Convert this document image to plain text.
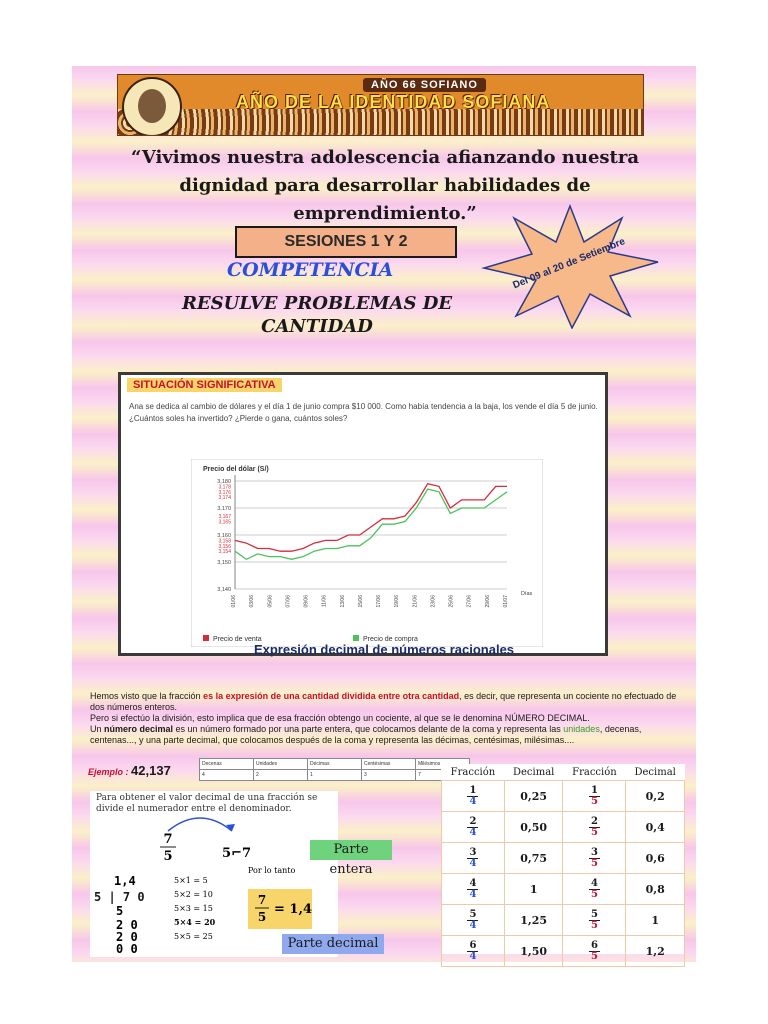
AÑO 66 SOFIANO
AÑO DE LA IDENTIDAD SOFIANA
“Vivimos nuestra adolescencia afianzando nuestra dignidad para desarrollar habilidades de emprendimiento.”
SESIONES 1 Y 2
COMPETENCIA
RESULVE PROBLEMAS DE CANTIDAD
Del 09 al 20 de Setiembre
SITUACIÓN SIGNIFICATIVA
Ana se dedica al cambio de dólares y el día 1 de junio compra $10 000. Como había tendencia a la baja, los vende el día 5 de junio.
¿Cuántos soles ha invertido? ¿Pierde o gana, cuántos soles?
Precio del dólar (S/)
3,140
3,150
3,160
3,170
3,180
3,178
3,176
3,174
3,167
3,165
3,158
3,156
3,154
01/06 03/06 05/06 07/06 09/06 11/06 13/06 15/06 17/06 19/06 21/06 23/06 25/06 27/06 29/06 01/07
Días
Precio de venta	Precio de compra
Expresión decimal de números racionales
Hemos visto que la fracción es la expresión de una cantidad dividida entre otra cantidad, es decir, que representa un cociente no efectuado de dos números enteros.
Pero si efectúo la división, esto implica que de esa fracción obtengo un cociente, al que se le denomina NÚMERO DECIMAL.
Un número decimal es un número formado por una parte entera, que colocamos delante de la coma y representa las unidades, decenas, centenas..., y una parte decimal, que colocamos después de la coma y representa las décimas, centésimas, milésimas....
Ejemplo : 42,137	Decenas	Unidades	Décimas	Centésimas	Milésimos
4	2	1	3	7
Para obtener el valor decimal de una fracción se divide el numerador entre el denominador.
7
5	5⌐7
1,4
5 | 7 0
5
2 0
2 0
0 0
5×1 = 5
5×2 = 10
5×3 = 15
5×4 = 20
5×5 = 25
Por lo tanto
7
5 = 1,4
Parte entera
Parte decimal
Fracción	Decimal	Fracción	Decimal

$\frac{1}{4}$	0,25	$\frac{1}{5}$	0,2

$\frac{2}{4}$	0,50	$\frac{2}{5}$	0,4

$\frac{3}{4}$	0,75	$\frac{3}{5}$	0,6

$\frac{4}{4}$	1	$\frac{4}{5}$	0,8

$\frac{5}{4}$	1,25	$\frac{5}{5}$	1

$\frac{6}{4}$	1,50	$\frac{6}{5}$	1,2
